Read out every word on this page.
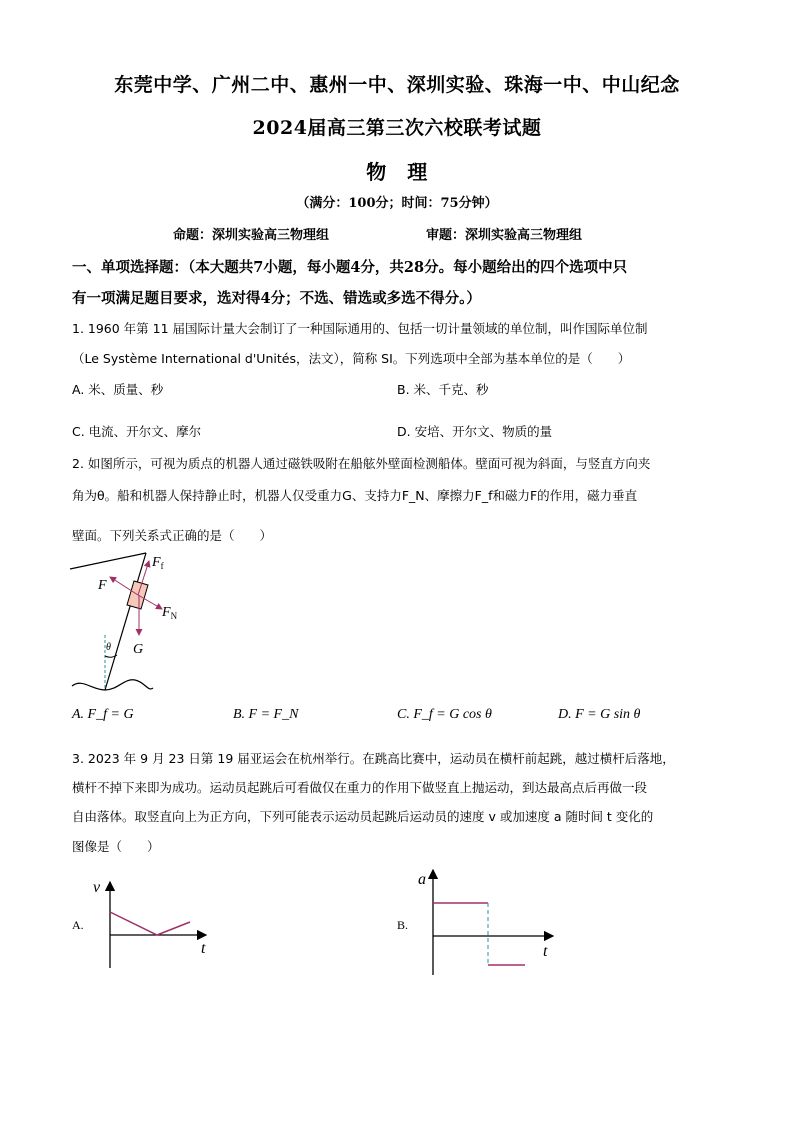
东莞中学、广州二中、惠州一中、深圳实验、珠海一中、中山纪念
2024届高三第三次六校联考试题
物　理
（满分：100分；时间：75分钟）
命题：深圳实验高三物理组	审题：深圳实验高三物理组
一、单项选择题：（本大题共7小题，每小题4分，共28分。每小题给出的四个选项中只
有一项满足题目要求，选对得4分；不选、错选或多选不得分。）
1. 1960 年第 11 届国际计量大会制订了一种国际通用的、包括一切计量领域的单位制，叫作国际单位制
（Le Système International d'Unités，法文），简称 SI。下列选项中全部为基本单位的是（　　）
A. 米、质量、秒	B. 米、千克、秒
C. 电流、开尔文、摩尔	D. 安培、开尔文、物质的量
2. 如图所示，可视为质点的机器人通过磁铁吸附在船舷外壁面检测船体。壁面可视为斜面，与竖直方向夹
角为θ。船和机器人保持静止时，机器人仅受重力G、支持力F_N、摩擦力F_f和磁力F的作用，磁力垂直
壁面。下列关系式正确的是（　　）
$F_f$
F
$F_N$
G
θ
v
t
A.
a
t
B.
A. F_f = G	B. F = F_N	C. F_f = G cos θ	D. F = G sin θ
3. 2023 年 9 月 23 日第 19 届亚运会在杭州举行。在跳高比赛中，运动员在横杆前起跳，越过横杆后落地，
横杆不掉下来即为成功。运动员起跳后可看做仅在重力的作用下做竖直上抛运动，到达最高点后再做一段
自由落体。取竖直向上为正方向，下列可能表示运动员起跳后运动员的速度 v 或加速度 a 随时间 t 变化的
图像是（　　）
